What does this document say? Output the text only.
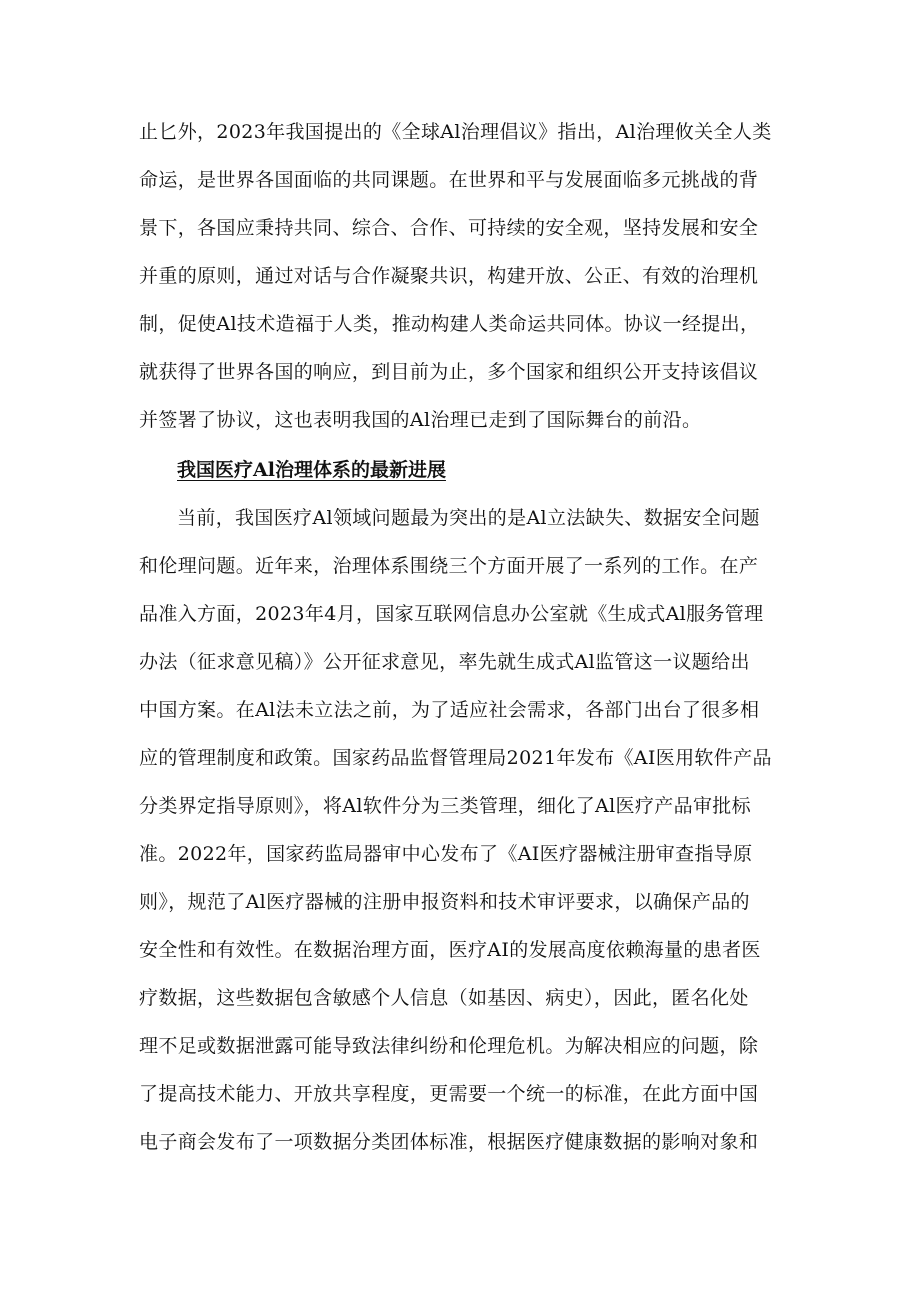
止匕外，2023年我国提出的《全球Al治理倡议》指出，Al治理攸关全人类
命运，是世界各国面临的共同课题。在世界和平与发展面临多元挑战的背
景下，各国应秉持共同、综合、合作、可持续的安全观，坚持发展和安全
并重的原则，通过对话与合作凝聚共识，构建开放、公正、有效的治理机
制，促使Al技术造福于人类，推动构建人类命运共同体。协议一经提出，
就获得了世界各国的响应，到目前为止，多个国家和组织公开支持该倡议
并签署了协议，这也表明我国的Al治理已走到了国际舞台的前沿。
我国医疗Al治理体系的最新进展
当前，我国医疗Al领域问题最为突出的是Al立法缺失、数据安全问题
和伦理问题。近年来，治理体系围绕三个方面开展了一系列的工作。在产
品准入方面，2023年4月，国家互联网信息办公室就《生成式Al服务管理
办法（征求意见稿）》公开征求意见，率先就生成式Al监管这一议题给出
中国方案。在Al法未立法之前，为了适应社会需求，各部门出台了很多相
应的管理制度和政策。国家药品监督管理局2021年发布《AI医用软件产品
分类界定指导原则》，将Al软件分为三类管理，细化了Al医疗产品审批标
准。2022年，国家药监局器审中心发布了《AI医疗器械注册审查指导原
则》，规范了Al医疗器械的注册申报资料和技术审评要求，以确保产品的
安全性和有效性。在数据治理方面，医疗AI的发展高度依赖海量的患者医
疗数据，这些数据包含敏感个人信息（如基因、病史），因此，匿名化处
理不足或数据泄露可能导致法律纠纷和伦理危机。为解决相应的问题，除
了提高技术能力、开放共享程度，更需要一个统一的标准，在此方面中国
电子商会发布了一项数据分类团体标准，根据医疗健康数据的影响对象和
